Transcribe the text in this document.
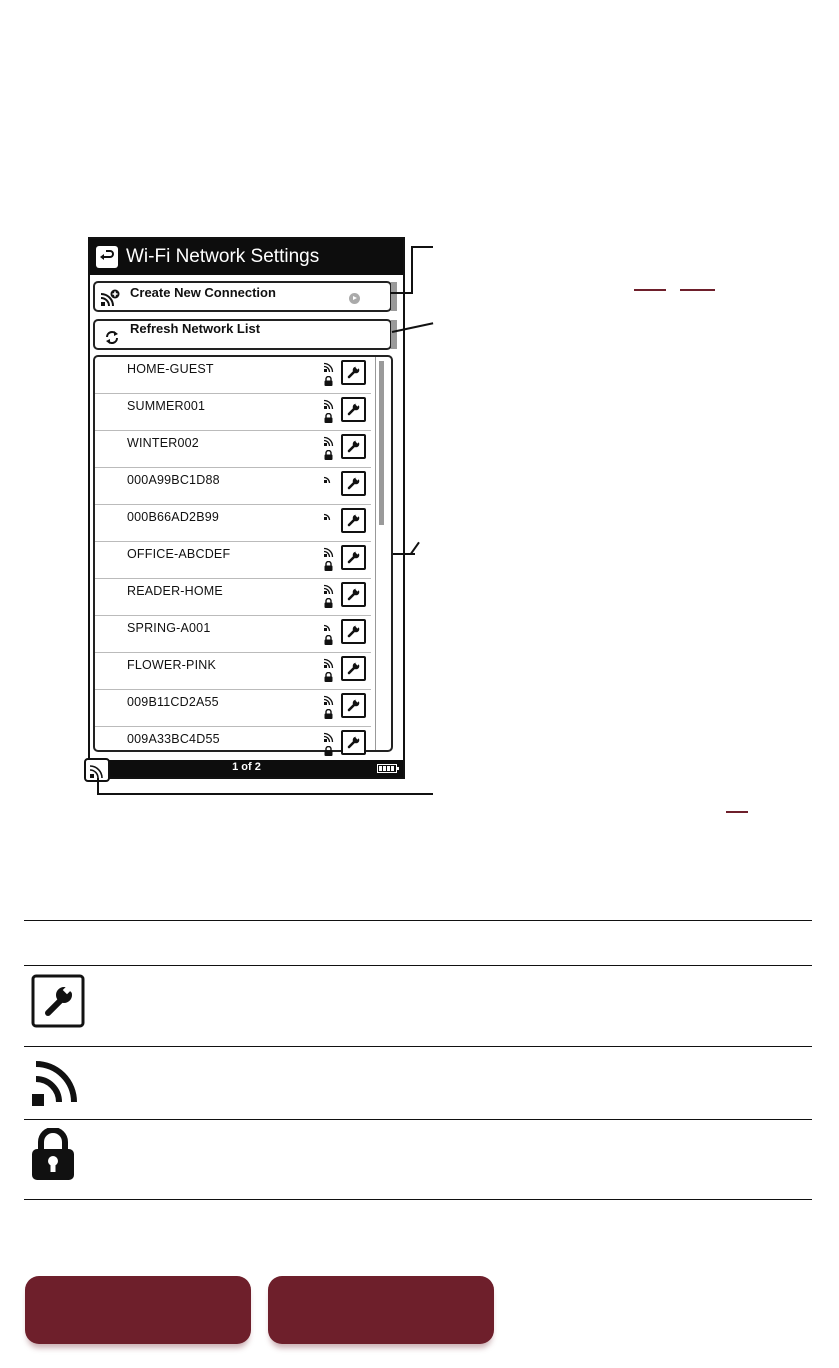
Wi-Fi Network Settings
Create New Connection
Refresh Network List
HOME-GUEST
SUMMER001
WINTER002
000A99BC1D88
000B66AD2B99
OFFICE-ABCDEF
READER-HOME
SPRING-A001
FLOWER-PINK
009B11CD2A55
009A33BC4D55
1 of 2
